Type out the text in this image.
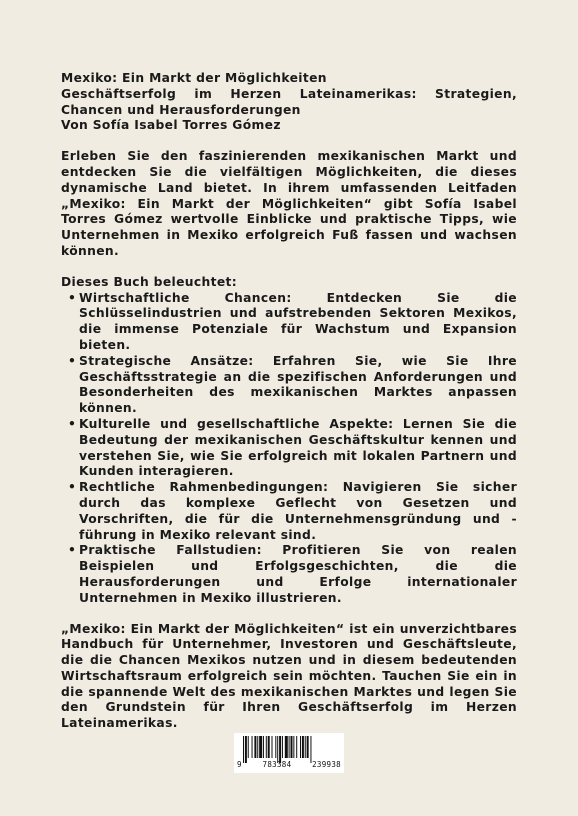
Mexiko: Ein Markt der Möglichkeiten

Geschäftserfolg im Herzen Lateinamerikas: Strategien, Chancen und Herausforderungen

Von Sofía Isabel Torres Gómez

Erleben Sie den faszinierenden mexikanischen Markt und entdecken Sie die vielfältigen Möglichkeiten, die dieses dynamische Land bietet. In ihrem umfassenden Leitfaden „Mexiko: Ein Markt der Möglichkeiten“ gibt Sofía Isabel Torres Gómez wertvolle Einblicke und praktische Tipps, wie Unternehmen in Mexiko erfolgreich Fuß fassen und wachsen können.

Dieses Buch beleuchtet:

• Wirtschaftliche Chancen: Entdecken Sie die Schlüsselindustrien und aufstrebenden Sektoren Mexikos, die immense Potenziale für Wachstum und Expansion bieten.
• Strategische Ansätze: Erfahren Sie, wie Sie Ihre Geschäftsstrategie an die spezifischen Anforderungen und Besonderheiten des mexikanischen Marktes anpassen können.
• Kulturelle und gesellschaftliche Aspekte: Lernen Sie die Bedeutung der mexikanischen Geschäftskultur kennen und verstehen Sie, wie Sie erfolgreich mit lokalen Partnern und Kunden interagieren.
• Rechtliche Rahmenbedingungen: Navigieren Sie sicher durch das komplexe Geflecht von Gesetzen und Vorschriften, die für die Unternehmensgründung und -führung in Mexiko relevant sind.
• Praktische Fallstudien: Profitieren Sie von realen Beispielen und Erfolgsgeschichten, die die Herausforderungen und Erfolge internationaler Unternehmen in Mexiko illustrieren.

„Mexiko: Ein Markt der Möglichkeiten“ ist ein unverzichtbares Handbuch für Unternehmer, Investoren und Geschäftsleute, die die Chancen Mexikos nutzen und in diesem bedeutenden Wirtschaftsraum erfolgreich sein möchten. Tauchen Sie ein in die spannende Welt des mexikanischen Marktes und legen Sie den Grundstein für Ihren Geschäftserfolg im Herzen Lateinamerikas.

9	783384	239938
